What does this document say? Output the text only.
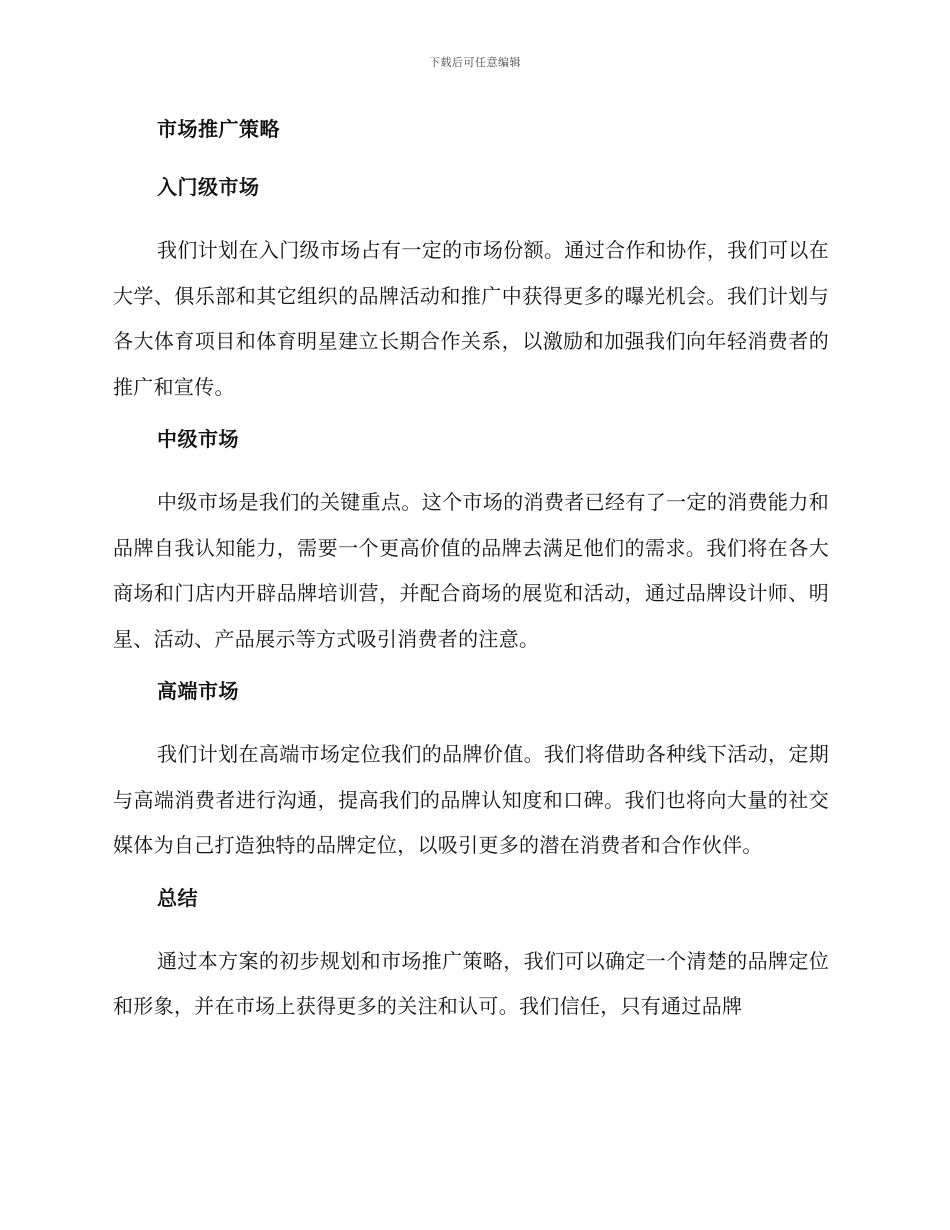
下载后可任意编辑
市场推广策略
入门级市场

我们计划在入门级市场占有一定的市场份额。通过合作和协作，我们可以在大学、俱乐部和其它组织的品牌活动和推广中获得更多的曝光机会。我们计划与各大体育项目和体育明星建立长期合作关系，以激励和加强我们向年轻消费者的推广和宣传。

中级市场

中级市场是我们的关键重点。这个市场的消费者已经有了一定的消费能力和品牌自我认知能力，需要一个更高价值的品牌去满足他们的需求。我们将在各大商场和门店内开辟品牌培训营，并配合商场的展览和活动，通过品牌设计师、明星、活动、产品展示等方式吸引消费者的注意。

高端市场

我们计划在高端市场定位我们的品牌价值。我们将借助各种线下活动，定期与高端消费者进行沟通，提高我们的品牌认知度和口碑。我们也将向大量的社交媒体为自己打造独特的品牌定位，以吸引更多的潜在消费者和合作伙伴。

总结

通过本方案的初步规划和市场推广策略，我们可以确定一个清楚的品牌定位和形象，并在市场上获得更多的关注和认可。我们信任，只有通过品牌
